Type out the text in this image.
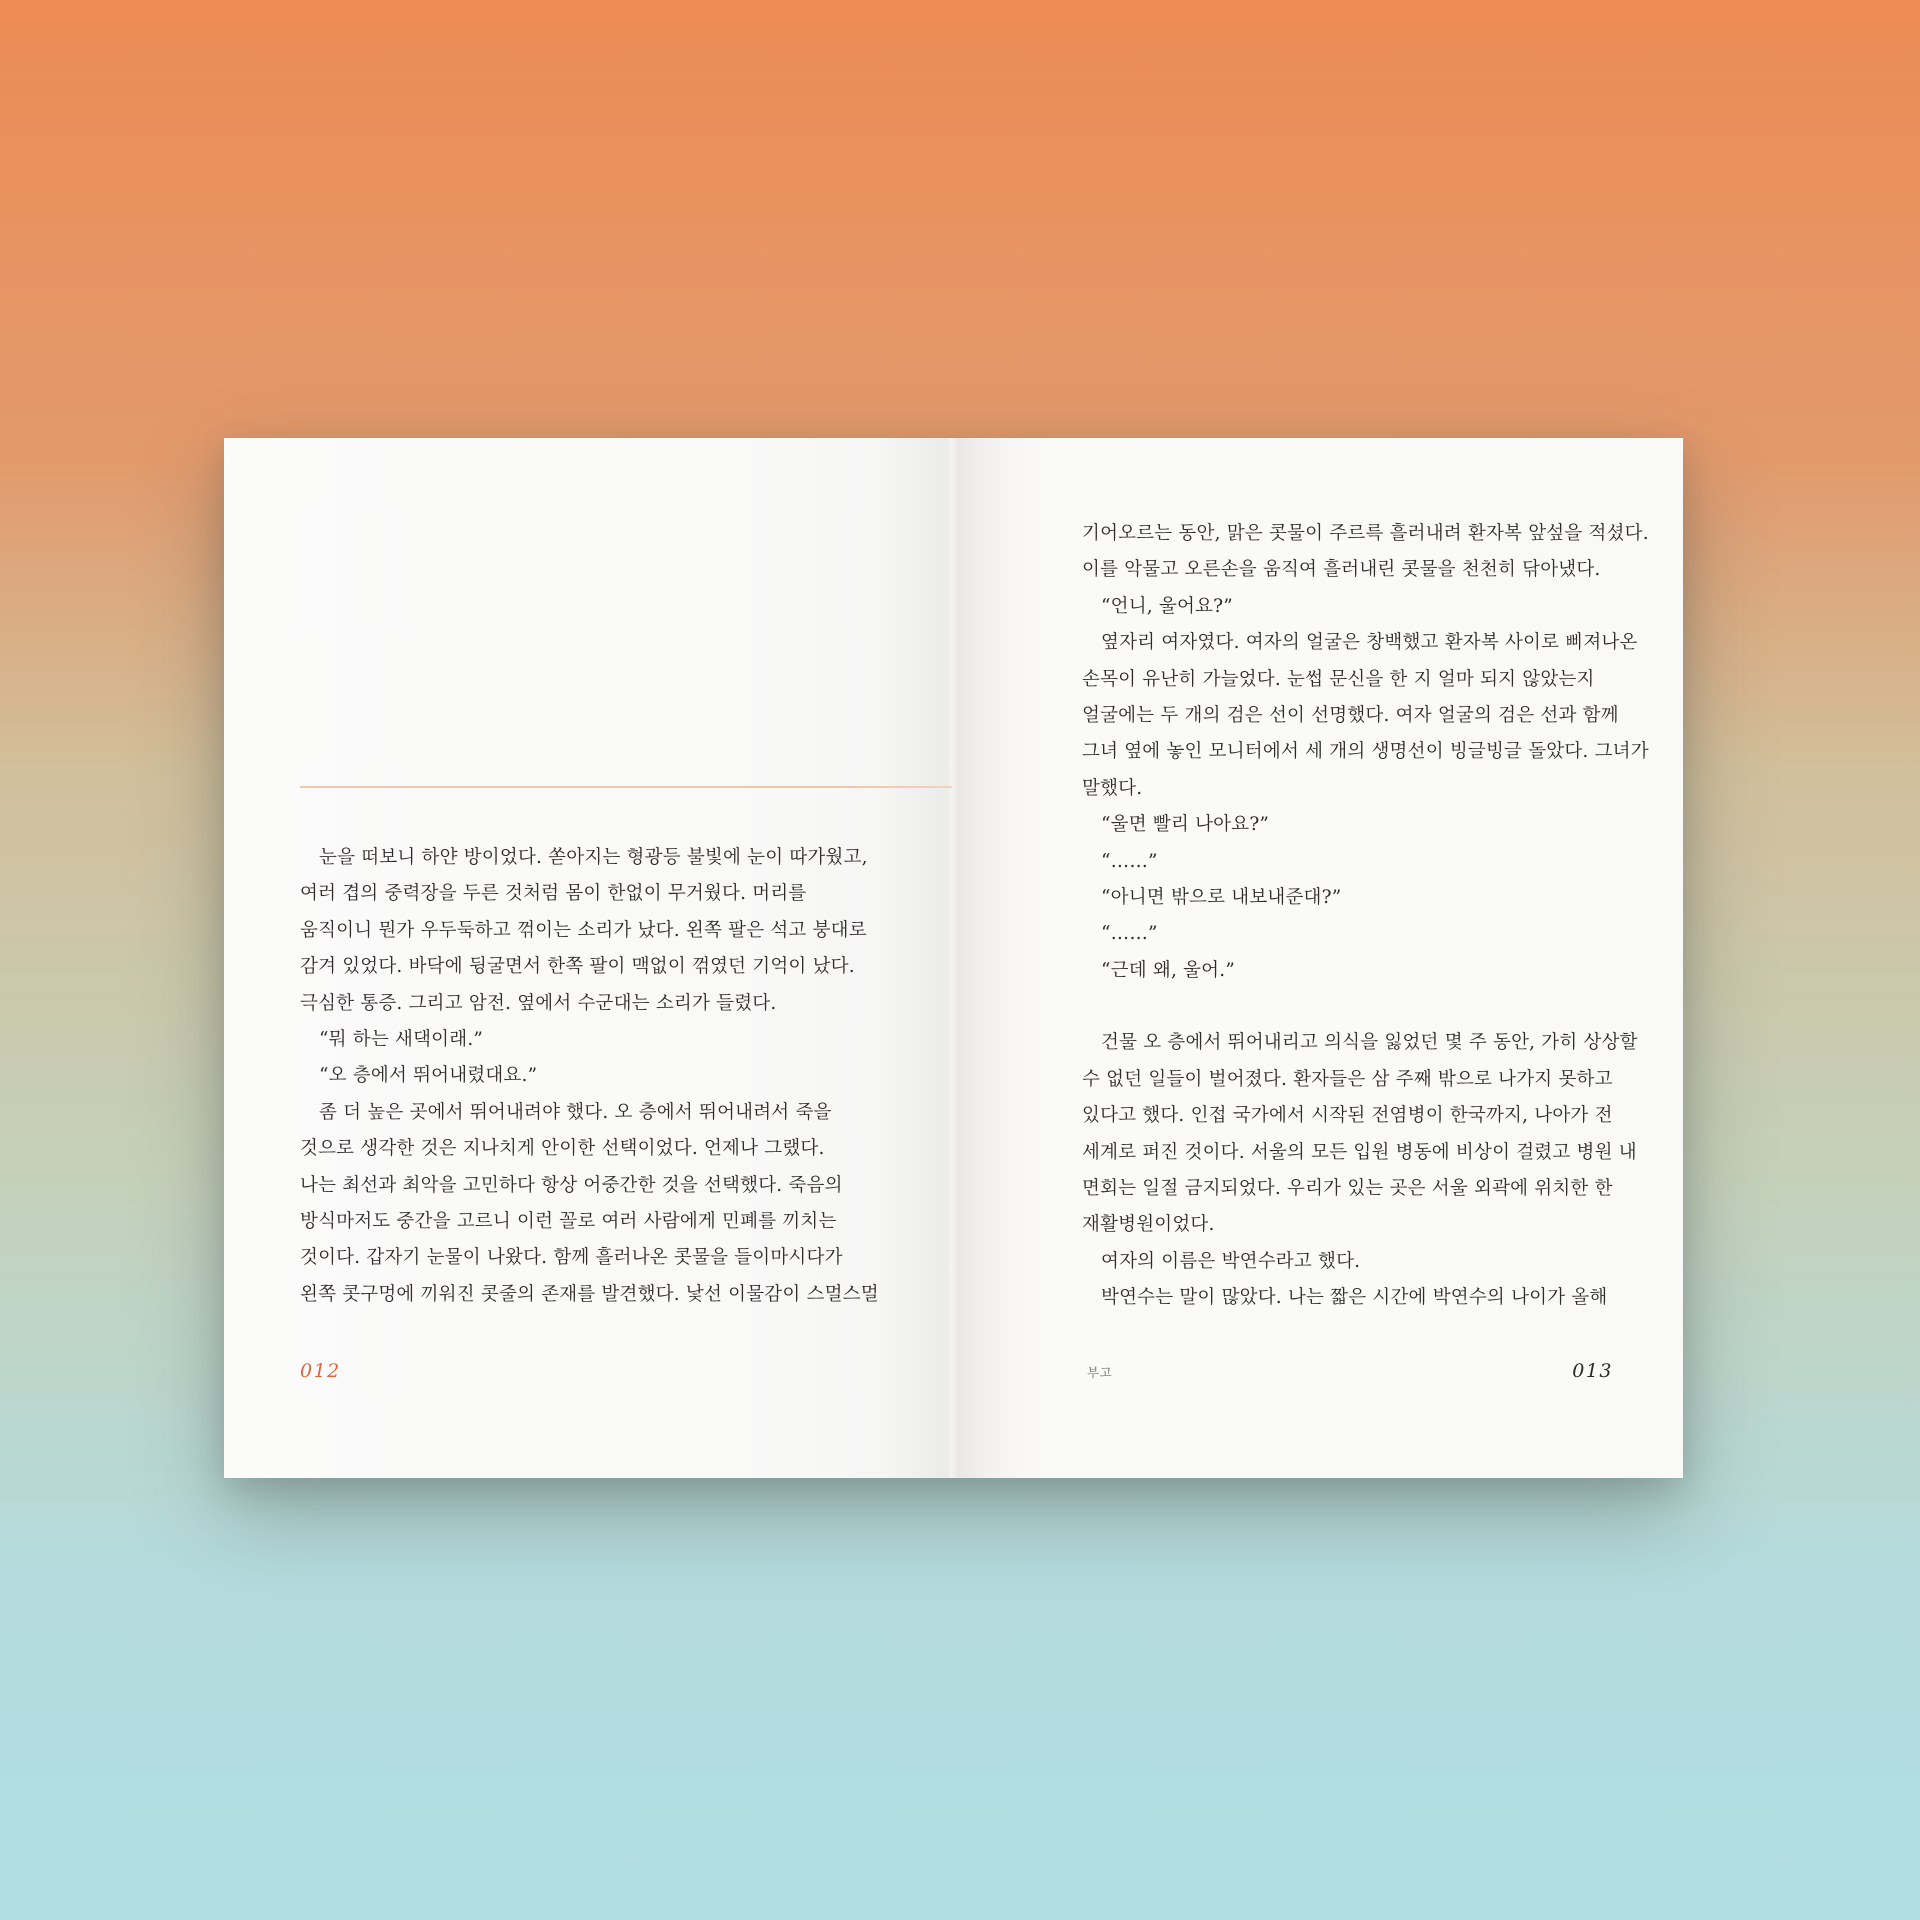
눈을 떠보니 하얀 방이었다. 쏟아지는 형광등 불빛에 눈이 따가웠고,
여러 겹의 중력장을 두른 것처럼 몸이 한없이 무거웠다. 머리를
움직이니 뭔가 우두둑하고 꺾이는 소리가 났다. 왼쪽 팔은 석고 붕대로
감겨 있었다. 바닥에 뒹굴면서 한쪽 팔이 맥없이 꺾였던 기억이 났다.
극심한 통증. 그리고 암전. 옆에서 수군대는 소리가 들렸다.
“뭐 하는 새댁이래.”
“오 층에서 뛰어내렸대요.”
좀 더 높은 곳에서 뛰어내려야 했다. 오 층에서 뛰어내려서 죽을
것으로 생각한 것은 지나치게 안이한 선택이었다. 언제나 그랬다.
나는 최선과 최악을 고민하다 항상 어중간한 것을 선택했다. 죽음의
방식마저도 중간을 고르니 이런 꼴로 여러 사람에게 민폐를 끼치는
것이다. 갑자기 눈물이 나왔다. 함께 흘러나온 콧물을 들이마시다가
왼쪽 콧구멍에 끼워진 콧줄의 존재를 발견했다. 낯선 이물감이 스멀스멀
012
기어오르는 동안, 맑은 콧물이 주르륵 흘러내려 환자복 앞섶을 적셨다.
이를 악물고 오른손을 움직여 흘러내린 콧물을 천천히 닦아냈다.
“언니, 울어요?”
옆자리 여자였다. 여자의 얼굴은 창백했고 환자복 사이로 삐져나온
손목이 유난히 가늘었다. 눈썹 문신을 한 지 얼마 되지 않았는지
얼굴에는 두 개의 검은 선이 선명했다. 여자 얼굴의 검은 선과 함께
그녀 옆에 놓인 모니터에서 세 개의 생명선이 빙글빙글 돌았다. 그녀가
말했다.
“울면 빨리 나아요?”
“……”
“아니면 밖으로 내보내준대?”
“……”
“근데 왜, 울어.”

건물 오 층에서 뛰어내리고 의식을 잃었던 몇 주 동안, 가히 상상할
수 없던 일들이 벌어졌다. 환자들은 삼 주째 밖으로 나가지 못하고
있다고 했다. 인접 국가에서 시작된 전염병이 한국까지, 나아가 전
세계로 퍼진 것이다. 서울의 모든 입원 병동에 비상이 걸렸고 병원 내
면회는 일절 금지되었다. 우리가 있는 곳은 서울 외곽에 위치한 한
재활병원이었다.
여자의 이름은 박연수라고 했다.
박연수는 말이 많았다. 나는 짧은 시간에 박연수의 나이가 올해
부고	013
